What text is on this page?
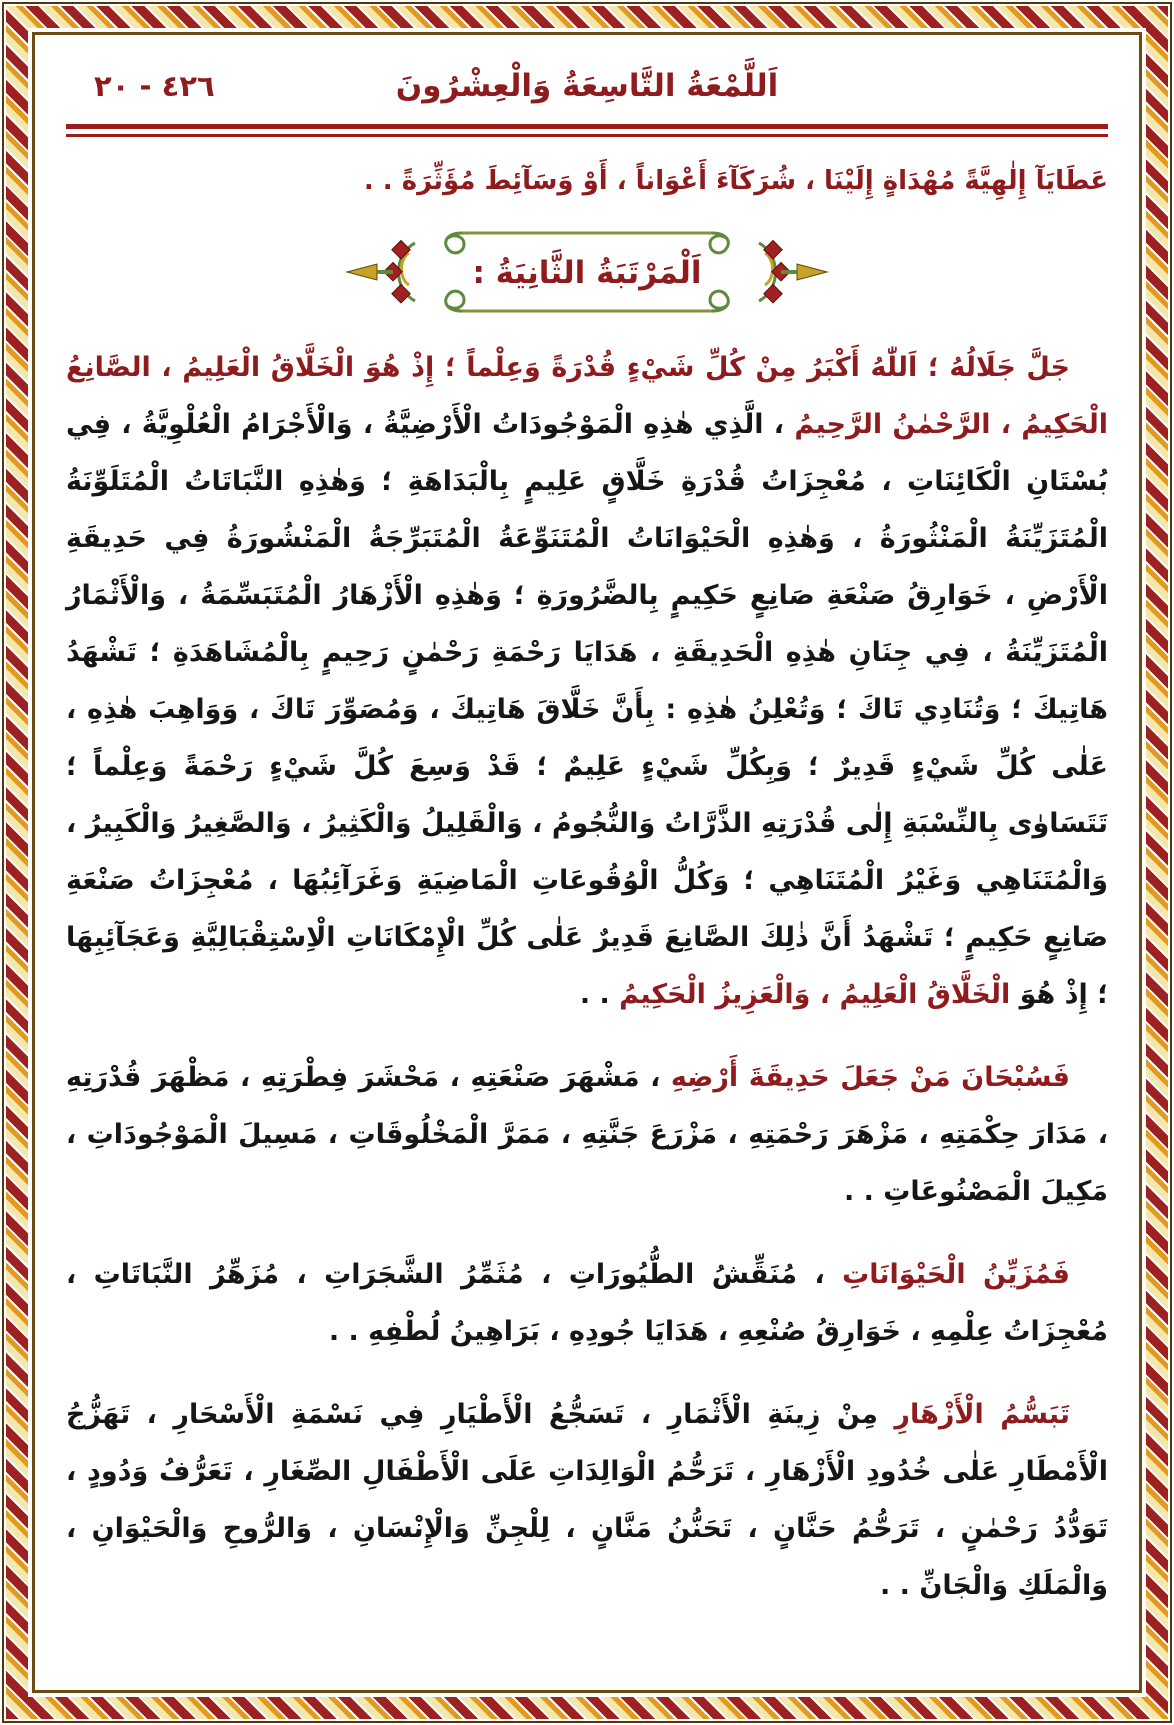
اَللَّمْعَةُ التَّاسِعَةُ وَالْعِشْرُونَ
٤٢٦ - ٢٠
عَطَايَآ إِلٰهِيَّةً مُهْدَاةٍ إِلَيْنَا ، شُرَكَآءَ أَعْوَاناً ، أَوْ وَسَآئِطَ مُؤَثِّرَةً . .
اَلْمَرْتَبَةُ الثَّانِيَةُ :

جَلَّ جَلَالُهُ ؛ اَللّٰهُ أَكْبَرُ مِنْ كُلِّ شَيْءٍ قُدْرَةً وَعِلْماً ؛ إِذْ هُوَ الْخَلَّاقُ الْعَلِيمُ ، الصَّانِعُ الْحَكِيمُ ، الرَّحْمٰنُ الرَّحِيمُ ، الَّذِي هٰذِهِ الْمَوْجُودَاتُ الْأَرْضِيَّةُ ، وَالْأَجْرَامُ الْعُلْوِيَّةُ ، فِي بُسْتَانِ الْكَائِنَاتِ ، مُعْجِزَاتُ قُدْرَةِ خَلَّاقٍ عَلِيمٍ بِالْبَدَاهَةِ ؛ وَهٰذِهِ النَّبَاتَاتُ الْمُتَلَوِّنَةُ الْمُتَزَيِّنَةُ الْمَنْثُورَةُ ، وَهٰذِهِ الْحَيْوَانَاتُ الْمُتَنَوِّعَةُ الْمُتَبَرِّجَةُ الْمَنْشُورَةُ فِي حَدِيقَةِ الْأَرْضِ ، خَوَارِقُ صَنْعَةِ صَانِعٍ حَكِيمٍ بِالضَّرُورَةِ ؛ وَهٰذِهِ الْأَزْهَارُ الْمُتَبَسِّمَةُ ، وَالْأَثْمَارُ الْمُتَزَيِّنَةُ ، فِي جِنَانِ هٰذِهِ الْحَدِيقَةِ ، هَدَايَا رَحْمَةِ رَحْمٰنٍ رَحِيمٍ بِالْمُشَاهَدَةِ ؛ تَشْهَدُ هَاتِيكَ ؛ وَتُنَادِي تَاكَ ؛ وَتُعْلِنُ هٰذِهِ : بِأَنَّ خَلَّاقَ هَاتِيكَ ، وَمُصَوِّرَ تَاكَ ، وَوَاهِبَ هٰذِهِ ، عَلٰى كُلِّ شَيْءٍ قَدِيرٌ ؛ وَبِكُلِّ شَيْءٍ عَلِيمٌ ؛ قَدْ وَسِعَ كُلَّ شَيْءٍ رَحْمَةً وَعِلْماً ؛ تَتَسَاوٰى بِالنِّسْبَةِ إِلٰى قُدْرَتِهِ الذَّرَّاتُ وَالنُّجُومُ ، وَالْقَلِيلُ وَالْكَثِيرُ ، وَالصَّغِيرُ وَالْكَبِيرُ ، وَالْمُتَنَاهِي وَغَيْرُ الْمُتَنَاهِي ؛ وَكُلُّ الْوُقُوعَاتِ الْمَاضِيَةِ وَغَرَآئِبُهَا ، مُعْجِزَاتُ صَنْعَةِ صَانِعٍ حَكِيمٍ ؛ تَشْهَدُ أَنَّ ذٰلِكَ الصَّانِعَ قَدِيرٌ عَلٰى كُلِّ الْإِمْكَانَاتِ الْاِسْتِقْبَالِيَّةِ وَعَجَآئِبِهَا ؛ إِذْ هُوَ الْخَلَّاقُ الْعَلِيمُ ، وَالْعَزِيزُ الْحَكِيمُ . .

فَسُبْحَانَ مَنْ جَعَلَ حَدِيقَةَ أَرْضِهِ ، مَشْهَرَ صَنْعَتِهِ ، مَحْشَرَ فِطْرَتِهِ ، مَظْهَرَ قُدْرَتِهِ ، مَدَارَ حِكْمَتِهِ ، مَزْهَرَ رَحْمَتِهِ ، مَزْرَعَ جَنَّتِهِ ، مَمَرَّ الْمَخْلُوقَاتِ ، مَسِيلَ الْمَوْجُودَاتِ ، مَكِيلَ الْمَصْنُوعَاتِ . .

فَمُزَيِّنُ الْحَيْوَانَاتِ ، مُنَقِّشُ الطُّيُورَاتِ ، مُثَمِّرُ الشَّجَرَاتِ ، مُزَهِّرُ النَّبَاتَاتِ ، مُعْجِزَاتُ عِلْمِهِ ، خَوَارِقُ صُنْعِهِ ، هَدَايَا جُودِهِ ، بَرَاهِينُ لُطْفِهِ . .

تَبَسُّمُ الْأَزْهَارِ مِنْ زِينَةِ الْأَثْمَارِ ، تَسَجُّعُ الْأَطْيَارِ فِي نَسْمَةِ الْأَسْحَارِ ، تَهَزُّجُ الْأَمْطَارِ عَلٰى خُدُودِ الْأَزْهَارِ ، تَرَحُّمُ الْوَالِدَاتِ عَلَى الْأَطْفَالِ الصِّغَارِ ، تَعَرُّفُ وَدُودٍ ، تَوَدُّدُ رَحْمٰنٍ ، تَرَحُّمُ حَنَّانٍ ، تَحَنُّنُ مَنَّانٍ ، لِلْجِنِّ وَالْإِنْسَانِ ، وَالرُّوحِ وَالْحَيْوَانِ ، وَالْمَلَكِ وَالْجَانِّ . .
